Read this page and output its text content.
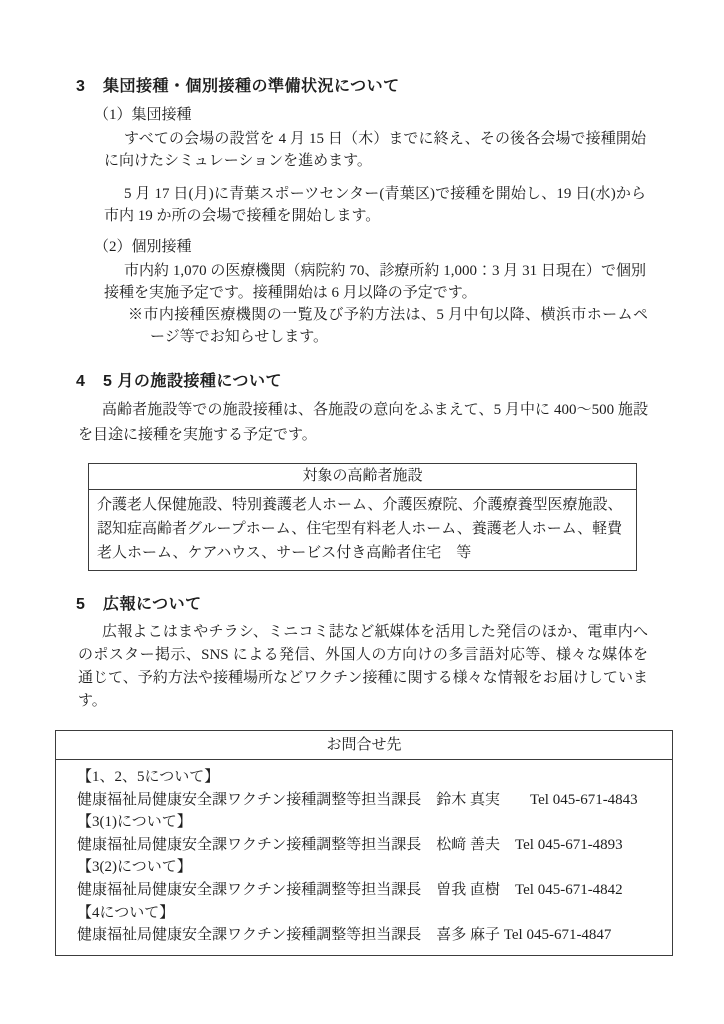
3 集団接種・個別接種の準備状況について
（1）集団接種

すべての会場の設営を 4 月 15 日（木）までに終え、その後各会場で接種開始に向けたシミュレーションを進めます。

5 月 17 日(月)に青葉スポーツセンター(青葉区)で接種を開始し、19 日(水)から市内 19 か所の会場で接種を開始します。

（2）個別接種

市内約 1,070 の医療機関（病院約 70、診療所約 1,000：3 月 31 日現在）で個別接種を実施予定です。接種開始は 6 月以降の予定です。

※市内接種医療機関の一覧及び予約方法は、5 月中旬以降、横浜市ホームページ等でお知らせします。

4 5 月の施設接種について

高齢者施設等での施設接種は、各施設の意向をふまえて、5 月中に 400～500 施設を目途に接種を実施する予定です。

対象の高齢者施設
介護老人保健施設、特別養護老人ホーム、介護医療院、介護療養型医療施設、認知症高齢者グループホーム、住宅型有料老人ホーム、養護老人ホーム、軽費老人ホーム、ケアハウス、サービス付き高齢者住宅　等
5 広報について

広報よこはまやチラシ、ミニコミ誌など紙媒体を活用した発信のほか、電車内へのポスター掲示、SNS による発信、外国人の方向けの多言語対応等、様々な媒体を通じて、予約方法や接種場所などワクチン接種に関する様々な情報をお届けしています。

お問合せ先

【1、2、5について】
健康福祉局健康安全課ワクチン接種調整等担当課長　鈴木 真実　　Tel 045-671-4843
【3(1)について】
健康福祉局健康安全課ワクチン接種調整等担当課長　松﨑 善夫　Tel 045-671-4893
【3(2)について】
健康福祉局健康安全課ワクチン接種調整等担当課長　曽我 直樹　Tel 045-671-4842
【4について】
健康福祉局健康安全課ワクチン接種調整等担当課長　喜多 麻子 Tel 045-671-4847
